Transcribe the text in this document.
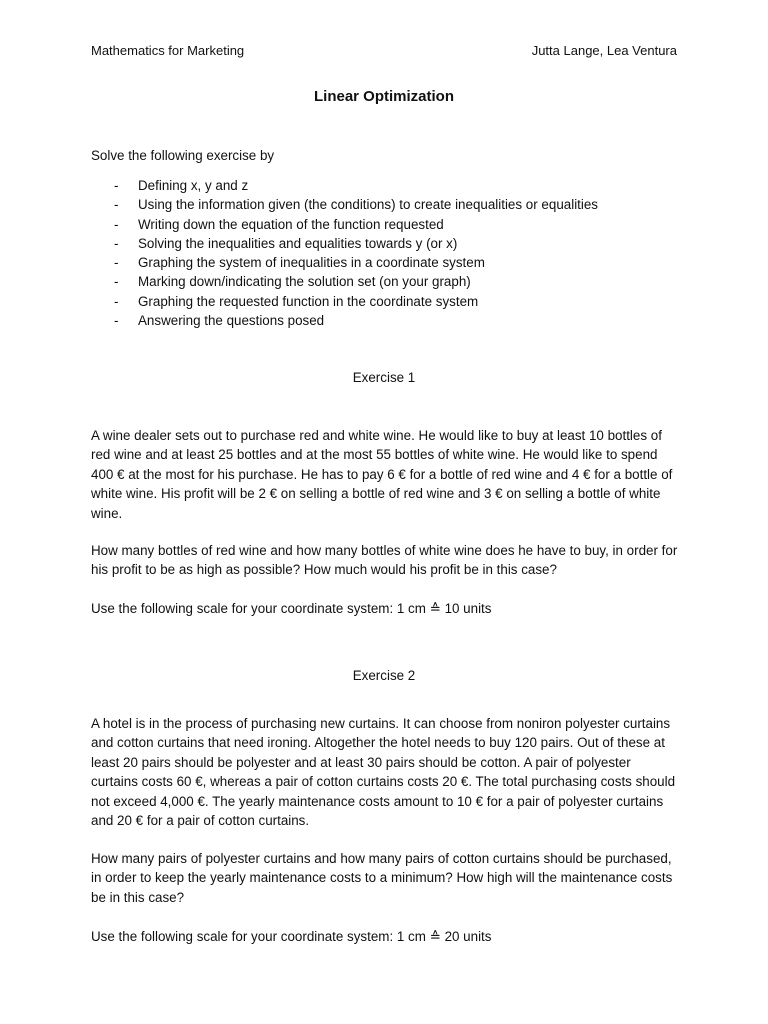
Mathematics for Marketing	Jutta Lange, Lea Ventura
Linear Optimization
Solve the following exercise by
- Defining x, y and z
- Using the information given (the conditions) to create inequalities or equalities
- Writing down the equation of the function requested
- Solving the inequalities and equalities towards y (or x)
- Graphing the system of inequalities in a coordinate system
- Marking down/indicating the solution set (on your graph)
- Graphing the requested function in the coordinate system
- Answering the questions posed
Exercise 1

A wine dealer sets out to purchase red and white wine. He would like to buy at least 10 bottles of red wine and at least 25 bottles and at the most 55 bottles of white wine. He would like to spend 400 € at the most for his purchase. He has to pay 6 € for a bottle of red wine and 4 € for a bottle of white wine. His profit will be 2 € on selling a bottle of red wine and 3 € on selling a bottle of white wine.

How many bottles of red wine and how many bottles of white wine does he have to buy, in order for his profit to be as high as possible? How much would his profit be in this case?

Use the following scale for your coordinate system: 1 cm ≙ 10 units

Exercise 2

A hotel is in the process of purchasing new curtains. It can choose from noniron polyester curtains and cotton curtains that need ironing. Altogether the hotel needs to buy 120 pairs. Out of these at least 20 pairs should be polyester and at least 30 pairs should be cotton. A pair of polyester curtains costs 60 €, whereas a pair of cotton curtains costs 20 €. The total purchasing costs should not exceed 4,000 €. The yearly maintenance costs amount to 10 € for a pair of polyester curtains and 20 € for a pair of cotton curtains.

How many pairs of polyester curtains and how many pairs of cotton curtains should be purchased, in order to keep the yearly maintenance costs to a minimum? How high will the maintenance costs be in this case?

Use the following scale for your coordinate system: 1 cm ≙ 20 units
